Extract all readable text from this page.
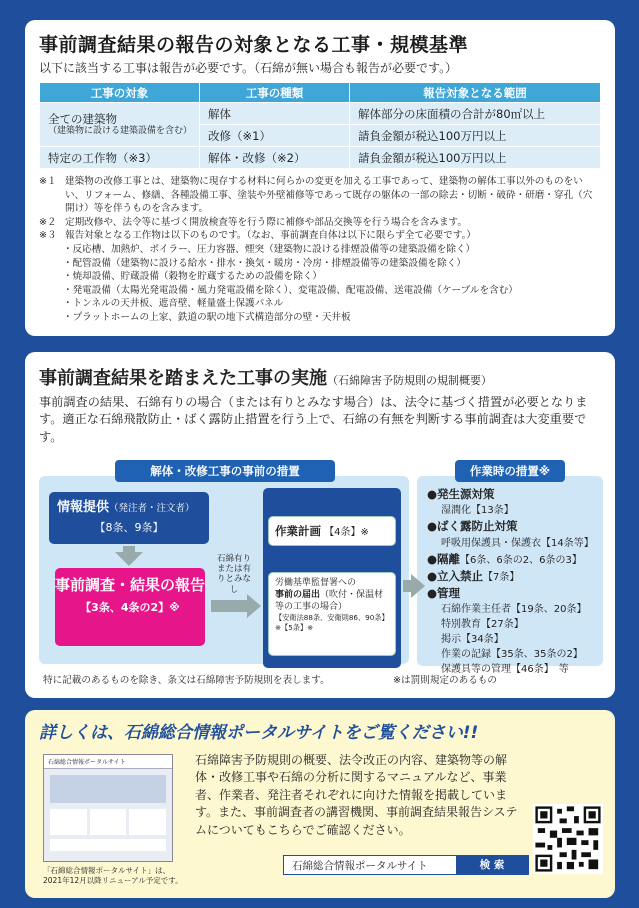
事前調査結果の報告の対象となる工事・規模基準
以下に該当する工事は報告が必要です。（石綿が無い場合も報告が必要です。）
工事の対象	工事の種類	報告対象となる範囲

全ての建築物
（建築物に設ける建築設備を含む）	解体	解体部分の床面積の合計が80㎡以上
	改修（※1）	請負金額が税込100万円以上
特定の工作物（※3）	解体・改修（※2）	請負金額が税込100万円以上
※１ 建築物の改修工事とは、建築物に現存する材料に何らかの変更を加える工事であって、建築物の解体工事以外のものをいい、リフォーム、修繕、各種設備工事、塗装や外壁補修等であって既存の躯体の一部の除去・切断・破砕・研磨・穿孔（穴開け）等を伴うものを含みます。
※２ 定期改修や、法令等に基づく開放検査等を行う際に補修や部品交換等を行う場合を含みます。
※３ 報告対象となる工作物は以下のものです。（なお、事前調査自体は以下に限らず全て必要です。）
・反応槽、加熱炉、ボイラー、圧力容器、煙突（建築物に設ける排煙設備等の建築設備を除く）
・配管設備（建築物に設ける給水・排水・換気・暖房・冷房・排煙設備等の建築設備を除く）
・焼却設備、貯蔵設備（穀物を貯蔵するための設備を除く）
・発電設備（太陽光発電設備・風力発電設備を除く）、変電設備、配電設備、送電設備（ケーブルを含む）
・トンネルの天井板、遮音壁、軽量盛土保護パネル
・プラットホームの上家、鉄道の駅の地下式構造部分の壁・天井板
事前調査結果を踏まえた工事の実施（石綿障害予防規則の規制概要）
事前調査の結果、石綿有りの場合（または有りとみなす場合）は、法令に基づく措置が必要となります。適正な石綿飛散防止・ばく露防止措置を行う上で、石綿の有無を判断する事前調査は大変重要です。
解体・改修工事の事前の措置	作業時の措置※
情報提供（発注者・注文者）
【8条、9条】
事前調査・結果の報告
【3条、4条の2】※
石綿有りまたは有りとみなし
作業計画 【4条】※
労働基準監督署への
事前の届出（吹付・保温材等の工事の場合）
【安衛法88条、安衛則86、90条】※【5条】※
●発生源対策
湿潤化【13条】
●ばく露防止対策
呼吸用保護具・保護衣【14条等】
●隔離【6条、6条の2、6条の3】
●立入禁止【7条】
●管理
石綿作業主任者【19条、20条】
特別教育【27条】
掲示【34条】
作業の記録【35条、35条の2】
保護具等の管理【46条】　等
特に記載のあるものを除き、条文は石綿障害予防規則を表します。	※は罰則規定のあるもの
詳しくは、石綿総合情報ポータルサイトをご覧ください!!
石綿総合情報ポータルサイト
「石綿総合情報ポータルサイト」は、2021年12月以降リニューアル予定です。
石綿障害予防規則の概要、法令改正の内容、建築物等の解体・改修工事や石綿の分析に関するマニュアルなど、事業者、作業者、発注者それぞれに向けた情報を掲載しています。また、事前調査者の講習機関、事前調査結果報告システムについてもこちらでご確認ください。
石綿総合情報ポータルサイト	検 索
